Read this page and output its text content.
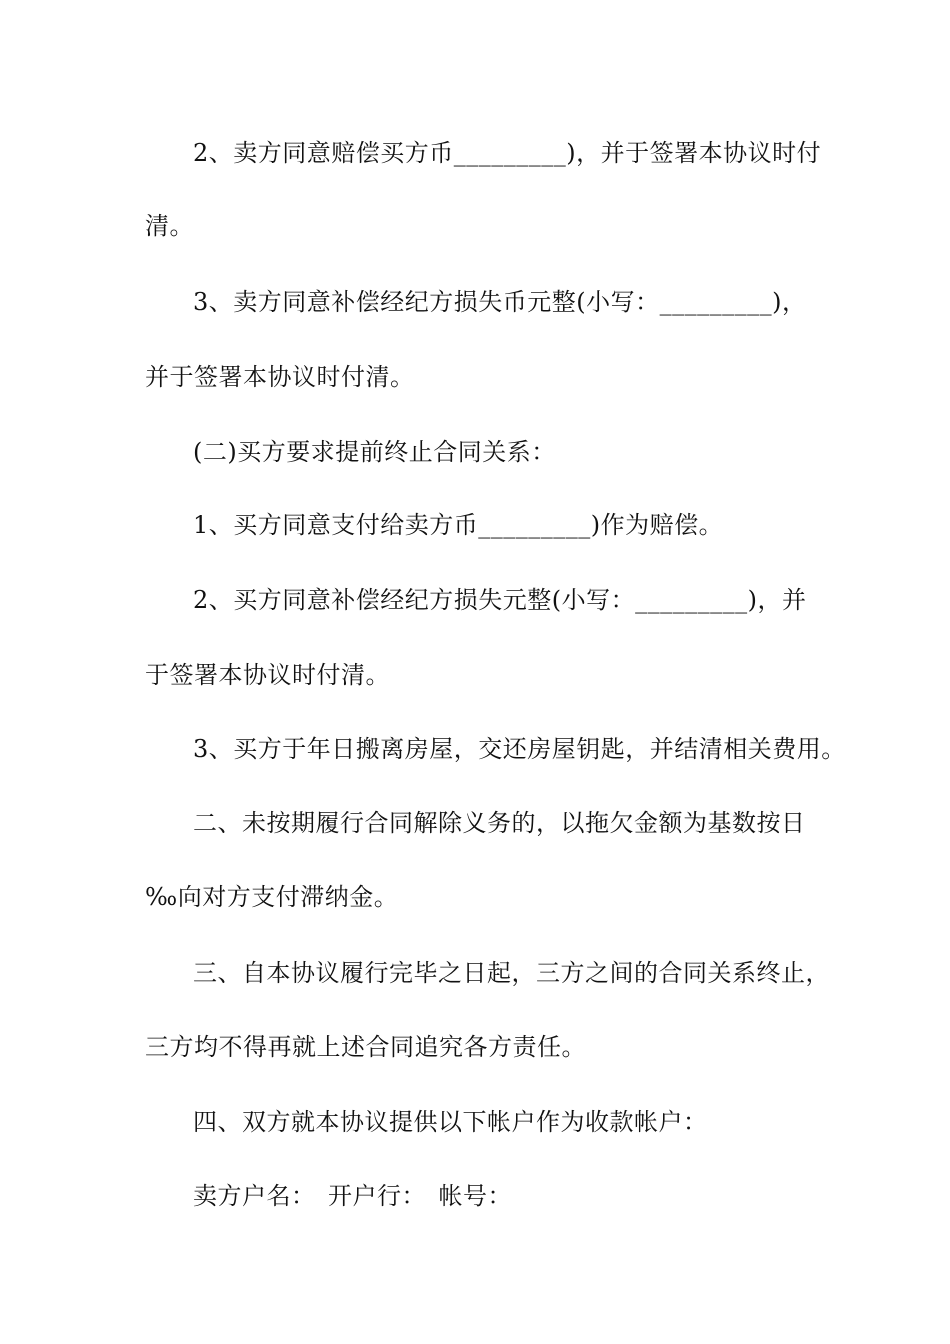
2、卖方同意赔偿买方币_________)，并于签署本协议时付
清。
3、卖方同意补偿经纪方损失币元整(小写：_________)，
并于签署本协议时付清。
(二)买方要求提前终止合同关系：
1、买方同意支付给卖方币_________)作为赔偿。
2、买方同意补偿经纪方损失元整(小写：_________)，并
于签署本协议时付清。
3、买方于年日搬离房屋，交还房屋钥匙，并结清相关费用。
二、未按期履行合同解除义务的，以拖欠金额为基数按日
‰向对方支付滞纳金。
三、自本协议履行完毕之日起，三方之间的合同关系终止，
三方均不得再就上述合同追究各方责任。
四、双方就本协议提供以下帐户作为收款帐户：
卖方户名：　开户行：　帐号：
